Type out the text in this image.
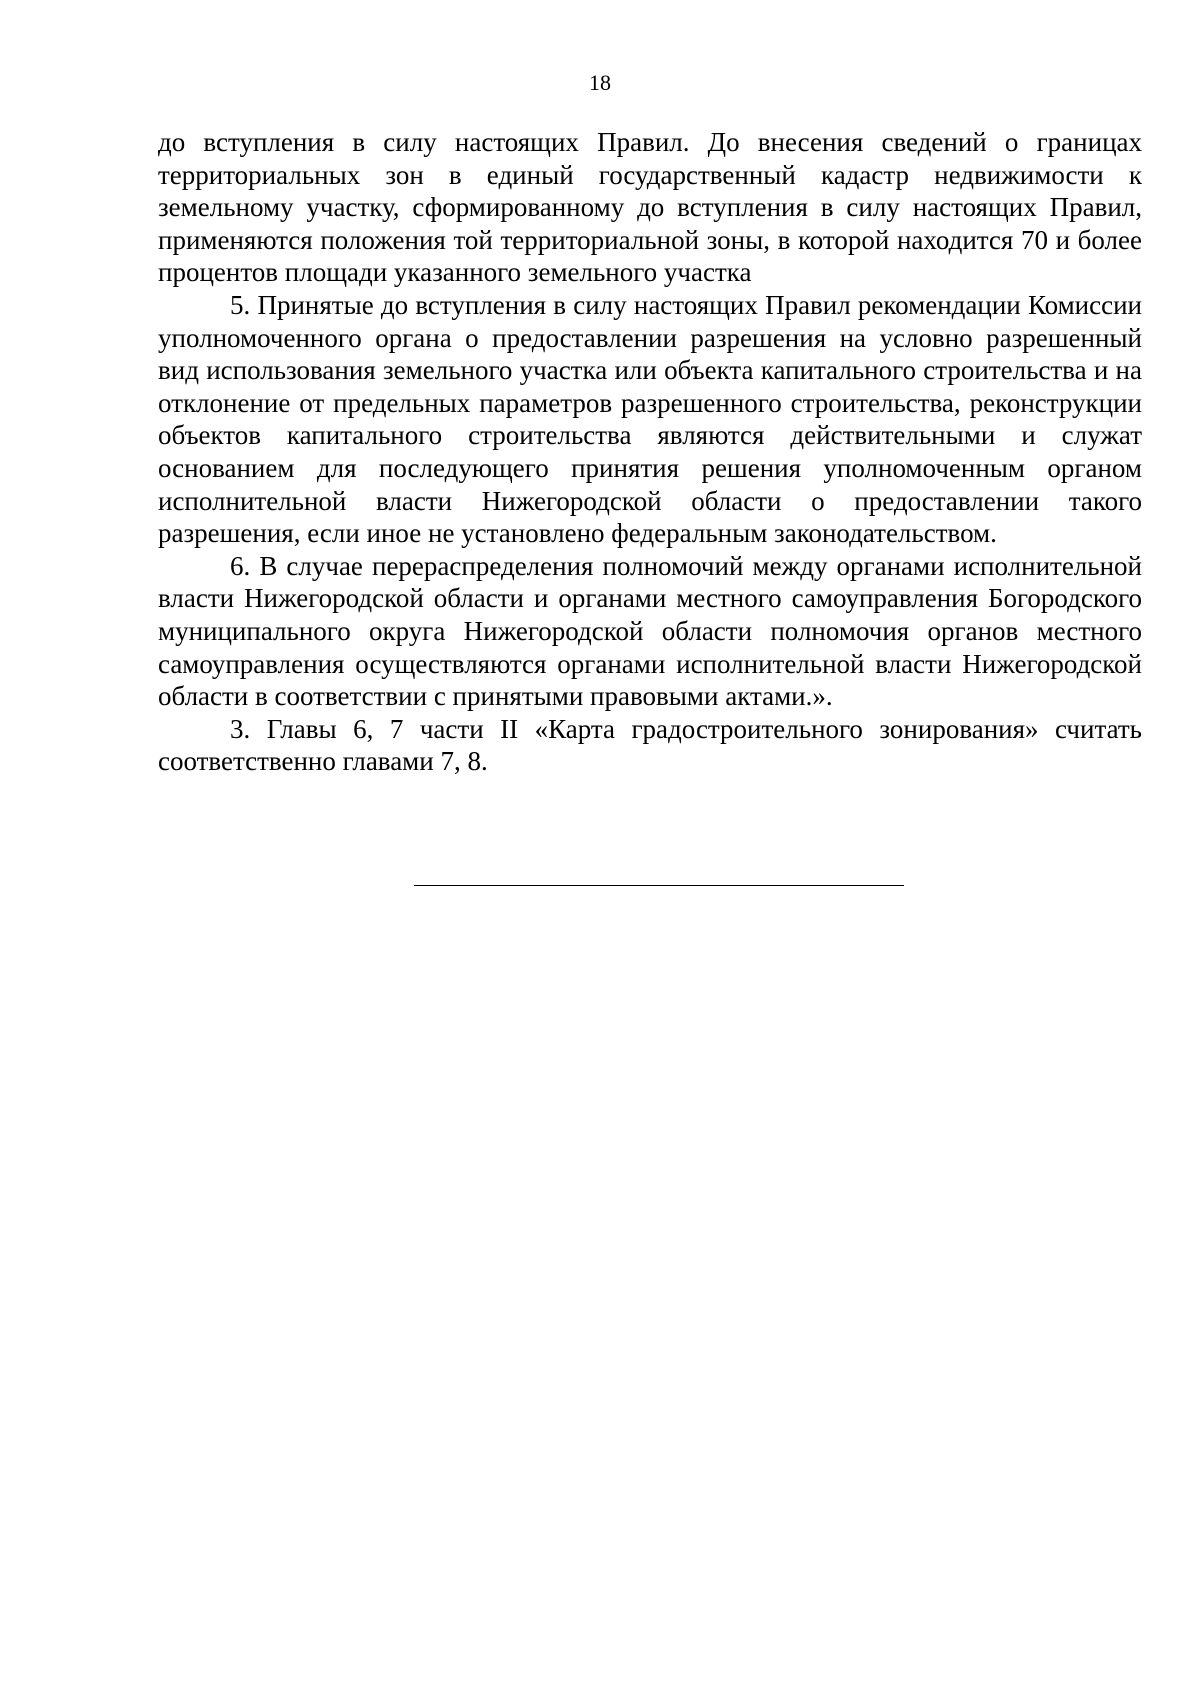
18

до вступления в силу настоящих Правил. До внесения сведений о границах территориальных зон в единый государственный кадастр недвижимости к земельному участку, сформированному до вступления в силу настоящих Правил, применяются положения той территориальной зоны, в которой находится 70 и более процентов площади указанного земельного участка

5. Принятые до вступления в силу настоящих Правил рекомендации Комиссии уполномоченного органа о предоставлении разрешения на условно разрешенный вид использования земельного участка или объекта капитального строительства и на отклонение от предельных параметров разрешенного строительства, реконструкции объектов капитального строительства являются действительными и служат основанием для последующего принятия решения уполномоченным органом исполнительной власти Нижегородской области о предоставлении такого разрешения, если иное не установлено федеральным законодательством.

6. В случае перераспределения полномочий между органами исполнительной власти Нижегородской области и органами местного самоуправления Богородского муниципального округа Нижегородской области полномочия органов местного самоуправления осуществляются органами исполнительной власти Нижегородской области в соответствии с принятыми правовыми актами.».

3. Главы 6, 7 части II «Карта градостроительного зонирования» считать соответственно главами 7, 8.
